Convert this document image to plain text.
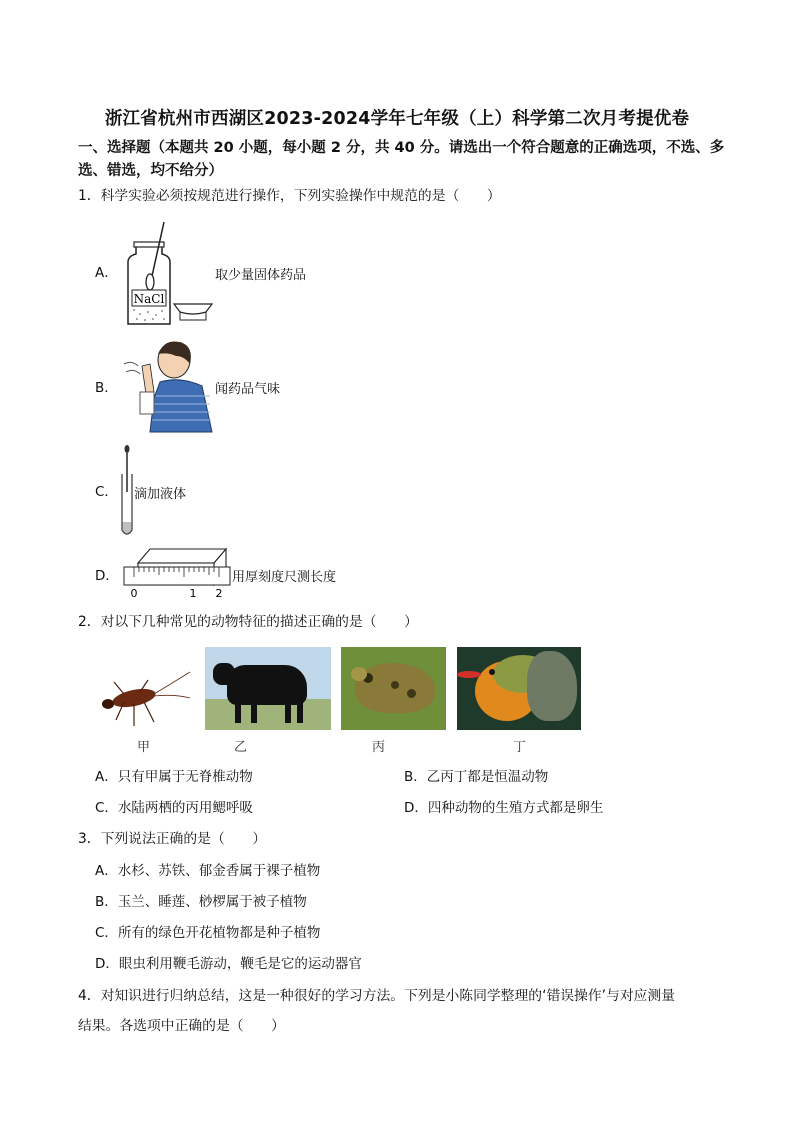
浙江省杭州市西湖区2023-2024学年七年级（上）科学第二次月考提优卷
一、选择题（本题共 20 小题，每小题 2 分，共 40 分。请选出一个符合题意的正确选项，不选、多选、错选，均不给分）
1．科学实验必须按规范进行操作，下列实验操作中规范的是（　　）
A．
NaCl
取少量固体药品
B．	闻药品气味
C． 滴加液体
D．
0	1 2
用厚刻度尺测长度
2．对以下几种常见的动物特征的描述正确的是（　　）
甲	乙	丙	丁
A．只有甲属于无脊椎动物	B．乙丙丁都是恒温动物
C．水陆两栖的丙用鳃呼吸	D．四种动物的生殖方式都是卵生
3．下列说法正确的是（　　）
A．水杉、苏铁、郁金香属于裸子植物
B．玉兰、睡莲、桫椤属于被子植物
C．所有的绿色开花植物都是种子植物
D．眼虫利用鞭毛游动，鞭毛是它的运动器官
4．对知识进行归纳总结，这是一种很好的学习方法。下列是小陈同学整理的‘错误操作’与对应测量
结果。各选项中正确的是（　　）
